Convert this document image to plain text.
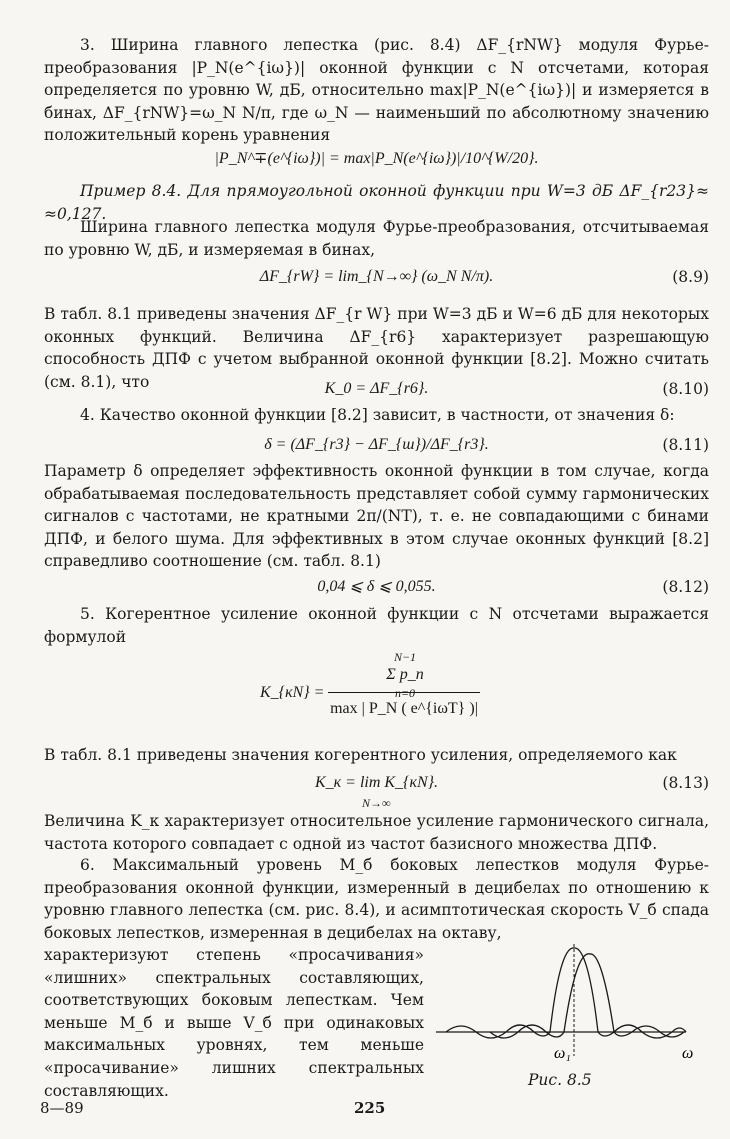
3. Ширина главного лепестка (рис. 8.4) ΔF_{rNW} модуля Фурье-преобразования |P_N(e^{iω})| оконной функции с N отсчетами, которая определяется по уровню W, дБ, относительно max|P_N(e^{iω})| и измеряется в бинах, ΔF_{rNW}=ω_N N/π, где ω_N — наименьший по абсолютному значению положительный корень уравнения
|P_N^∓(e^{iω})| = max|P_N(e^{iω})|/10^{W/20}.
Пример 8.4. Для прямоугольной оконной функции при W=3 дБ ΔF_{r23}≈ ≈0,127.
Ширина главного лепестка модуля Фурье-преобразования, отсчитываемая по уровню W, дБ, и измеряемая в бинах,
ΔF_{rW} = lim_{N→∞} (ω_N N/π).	(8.9)
В табл. 8.1 приведены значения ΔF_{r W} при W=3 дБ и W=6 дБ для некоторых оконных функций. Величина ΔF_{r6} характеризует разрешающую способность ДПФ с учетом выбранной оконной функции [8.2]. Можно считать (см. 8.1), что	K_0 = ΔF_{r6}.	(8.10)
4. Качество оконной функции [8.2] зависит, в частности, от значения δ:
δ = (ΔF_{r3} − ΔF_{ш})/ΔF_{r3}.	(8.11)
Параметр δ определяет эффективность оконной функции в том случае, когда обрабатываемая последовательность представляет собой сумму гармонических сигналов с частотами, не кратными 2π/(NT), т. е. не совпадающими с бинами ДПФ, и белого шума. Для эффективных в этом случае оконных функций [8.2] справедливо соотношение (см. табл. 8.1)
0,04 ⩽ δ ⩽ 0,055.	(8.12)
5. Когерентное усиление оконной функции с N отсчетами выражается формулой
K_{кN} =
N−1
Σ p_n
n=0
max | P_N ( e^{iωT} )|
В табл. 8.1 приведены значения когерентного усиления, определяемого как
K_к = lim K_{кN}.	(8.13)
N→∞
Величина K_к характеризует относительное усиление гармонического сигнала, частота которого совпадает с одной из частот базисного множества ДПФ.
6. Максимальный уровень M_б боковых лепестков модуля Фурье-преобразования оконной функции, измеренный в децибелах по отношению к уровню главного лепестка (см. рис. 8.4), и асимптотическая скорость V_б спада боковых лепестков, измеренная в децибелах на октаву,
характеризуют степень «просачивания» «лишних» спектральных составляющих, соответствующих боковым лепесткам. Чем меньше M_б и выше V_б при одинаковых максимальных уровнях, тем меньше «просачивание» лишних спектральных составляющих.
ω₁	ω
Рис. 8.5
8—89	225
